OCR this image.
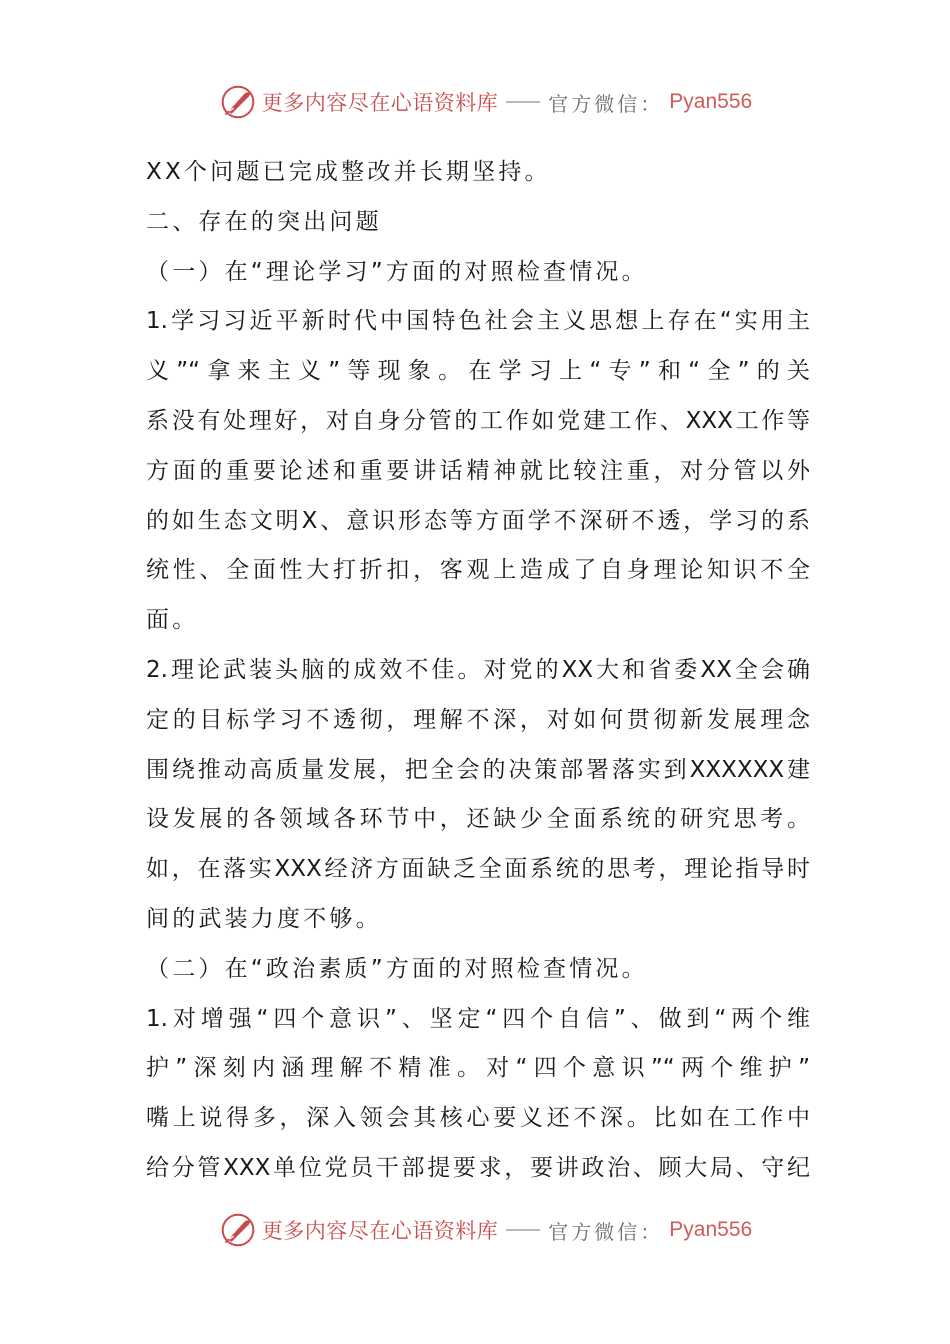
更多内容尽在心语资料库	官方微信： Pyan556
XX个问题已完成整改并长期坚持。
二、存在的突出问题
（一）在“理论学习”方面的对照检查情况。
1.学习习近平新时代中国特色社会主义思想上存在“实用主
义”“拿来主义”等现象。在学习上“专”和“全”的关
系没有处理好，对自身分管的工作如党建工作、XXX工作等
方面的重要论述和重要讲话精神就比较注重，对分管以外
的如生态文明X、意识形态等方面学不深研不透，学习的系
统性、全面性大打折扣，客观上造成了自身理论知识不全
面。
2.理论武装头脑的成效不佳。对党的XX大和省委XX全会确
定的目标学习不透彻，理解不深，对如何贯彻新发展理念
围绕推动高质量发展，把全会的决策部署落实到XXXXXX建
设发展的各领域各环节中，还缺少全面系统的研究思考。
如，在落实XXX经济方面缺乏全面系统的思考，理论指导时
间的武装力度不够。
（二）在“政治素质”方面的对照检查情况。
1.对增强“四个意识”、坚定“四个自信”、做到“两个维
护”深刻内涵理解不精准。对“四个意识”“两个维护”
嘴上说得多，深入领会其核心要义还不深。比如在工作中
给分管XXX单位党员干部提要求，要讲政治、顾大局、守纪
更多内容尽在心语资料库	官方微信： Pyan556
